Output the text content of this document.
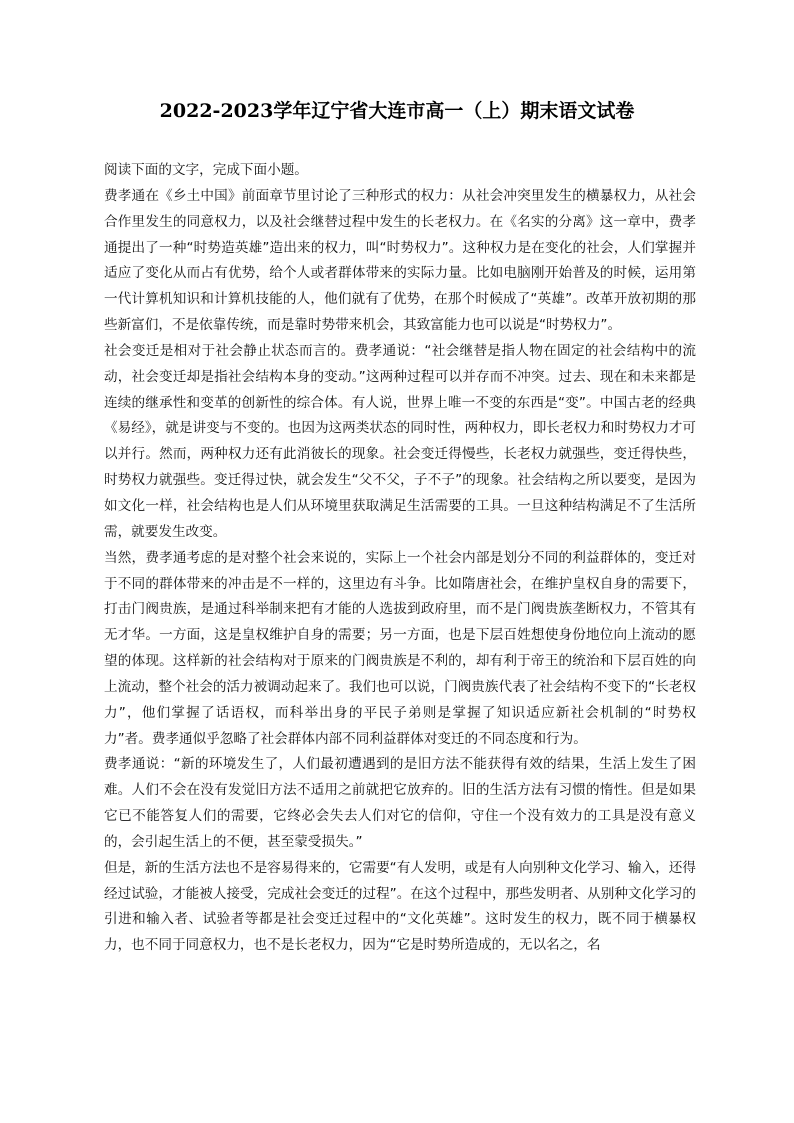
2022-2023学年辽宁省大连市高一（上）期末语文试卷

阅读下面的文字，完成下面小题。

费孝通在《乡土中国》前面章节里讨论了三种形式的权力：从社会冲突里发生的横暴权力，从社会合作里发生的同意权力，以及社会继替过程中发生的长老权力。在《名实的分离》这一章中，费孝通提出了一种“时势造英雄”造出来的权力，叫“时势权力”。这种权力是在变化的社会，人们掌握并适应了变化从而占有优势，给个人或者群体带来的实际力量。比如电脑刚开始普及的时候，运用第一代计算机知识和计算机技能的人，他们就有了优势，在那个时候成了“英雄”。改革开放初期的那些新富们，不是依靠传统，而是靠时势带来机会，其致富能力也可以说是“时势权力”。

社会变迁是相对于社会静止状态而言的。费孝通说：“社会继替是指人物在固定的社会结构中的流动，社会变迁却是指社会结构本身的变动。”这两种过程可以并存而不冲突。过去、现在和未来都是连续的继承性和变革的创新性的综合体。有人说，世界上唯一不变的东西是“变”。中国古老的经典《易经》，就是讲变与不变的。也因为这两类状态的同时性，两种权力，即长老权力和时势权力才可以并行。然而，两种权力还有此消彼长的现象。社会变迁得慢些，长老权力就强些，变迁得快些，时势权力就强些。变迁得过快，就会发生“父不父，子不子”的现象。社会结构之所以要变，是因为如文化一样，社会结构也是人们从环境里获取满足生活需要的工具。一旦这种结构满足不了生活所需，就要发生改变。

当然，费孝通考虑的是对整个社会来说的，实际上一个社会内部是划分不同的利益群体的，变迁对于不同的群体带来的冲击是不一样的，这里边有斗争。比如隋唐社会，在维护皇权自身的需要下，打击门阀贵族，是通过科举制来把有才能的人选拔到政府里，而不是门阀贵族垄断权力，不管其有无才华。一方面，这是皇权维护自身的需要；另一方面，也是下层百姓想使身份地位向上流动的愿望的体现。这样新的社会结构对于原来的门阀贵族是不利的，却有利于帝王的统治和下层百姓的向上流动，整个社会的活力被调动起来了。我们也可以说，门阀贵族代表了社会结构不变下的“长老权力”，他们掌握了话语权，而科举出身的平民子弟则是掌握了知识适应新社会机制的“时势权力”者。费孝通似乎忽略了社会群体内部不同利益群体对变迁的不同态度和行为。

费孝通说：“新的环境发生了，人们最初遭遇到的是旧方法不能获得有效的结果，生活上发生了困难。人们不会在没有发觉旧方法不适用之前就把它放弃的。旧的生活方法有习惯的惰性。但是如果它已不能答复人们的需要，它终必会失去人们对它的信仰，守住一个没有效力的工具是没有意义的，会引起生活上的不便，甚至蒙受损失。”

但是，新的生活方法也不是容易得来的，它需要“有人发明，或是有人向别种文化学习、输入，还得经过试验，才能被人接受，完成社会变迁的过程”。在这个过程中，那些发明者、从别种文化学习的引进和输入者、试验者等都是社会变迁过程中的“文化英雄”。这时发生的权力，既不同于横暴权力，也不同于同意权力，也不是长老权力，因为“它是时势所造成的，无以名之，名
